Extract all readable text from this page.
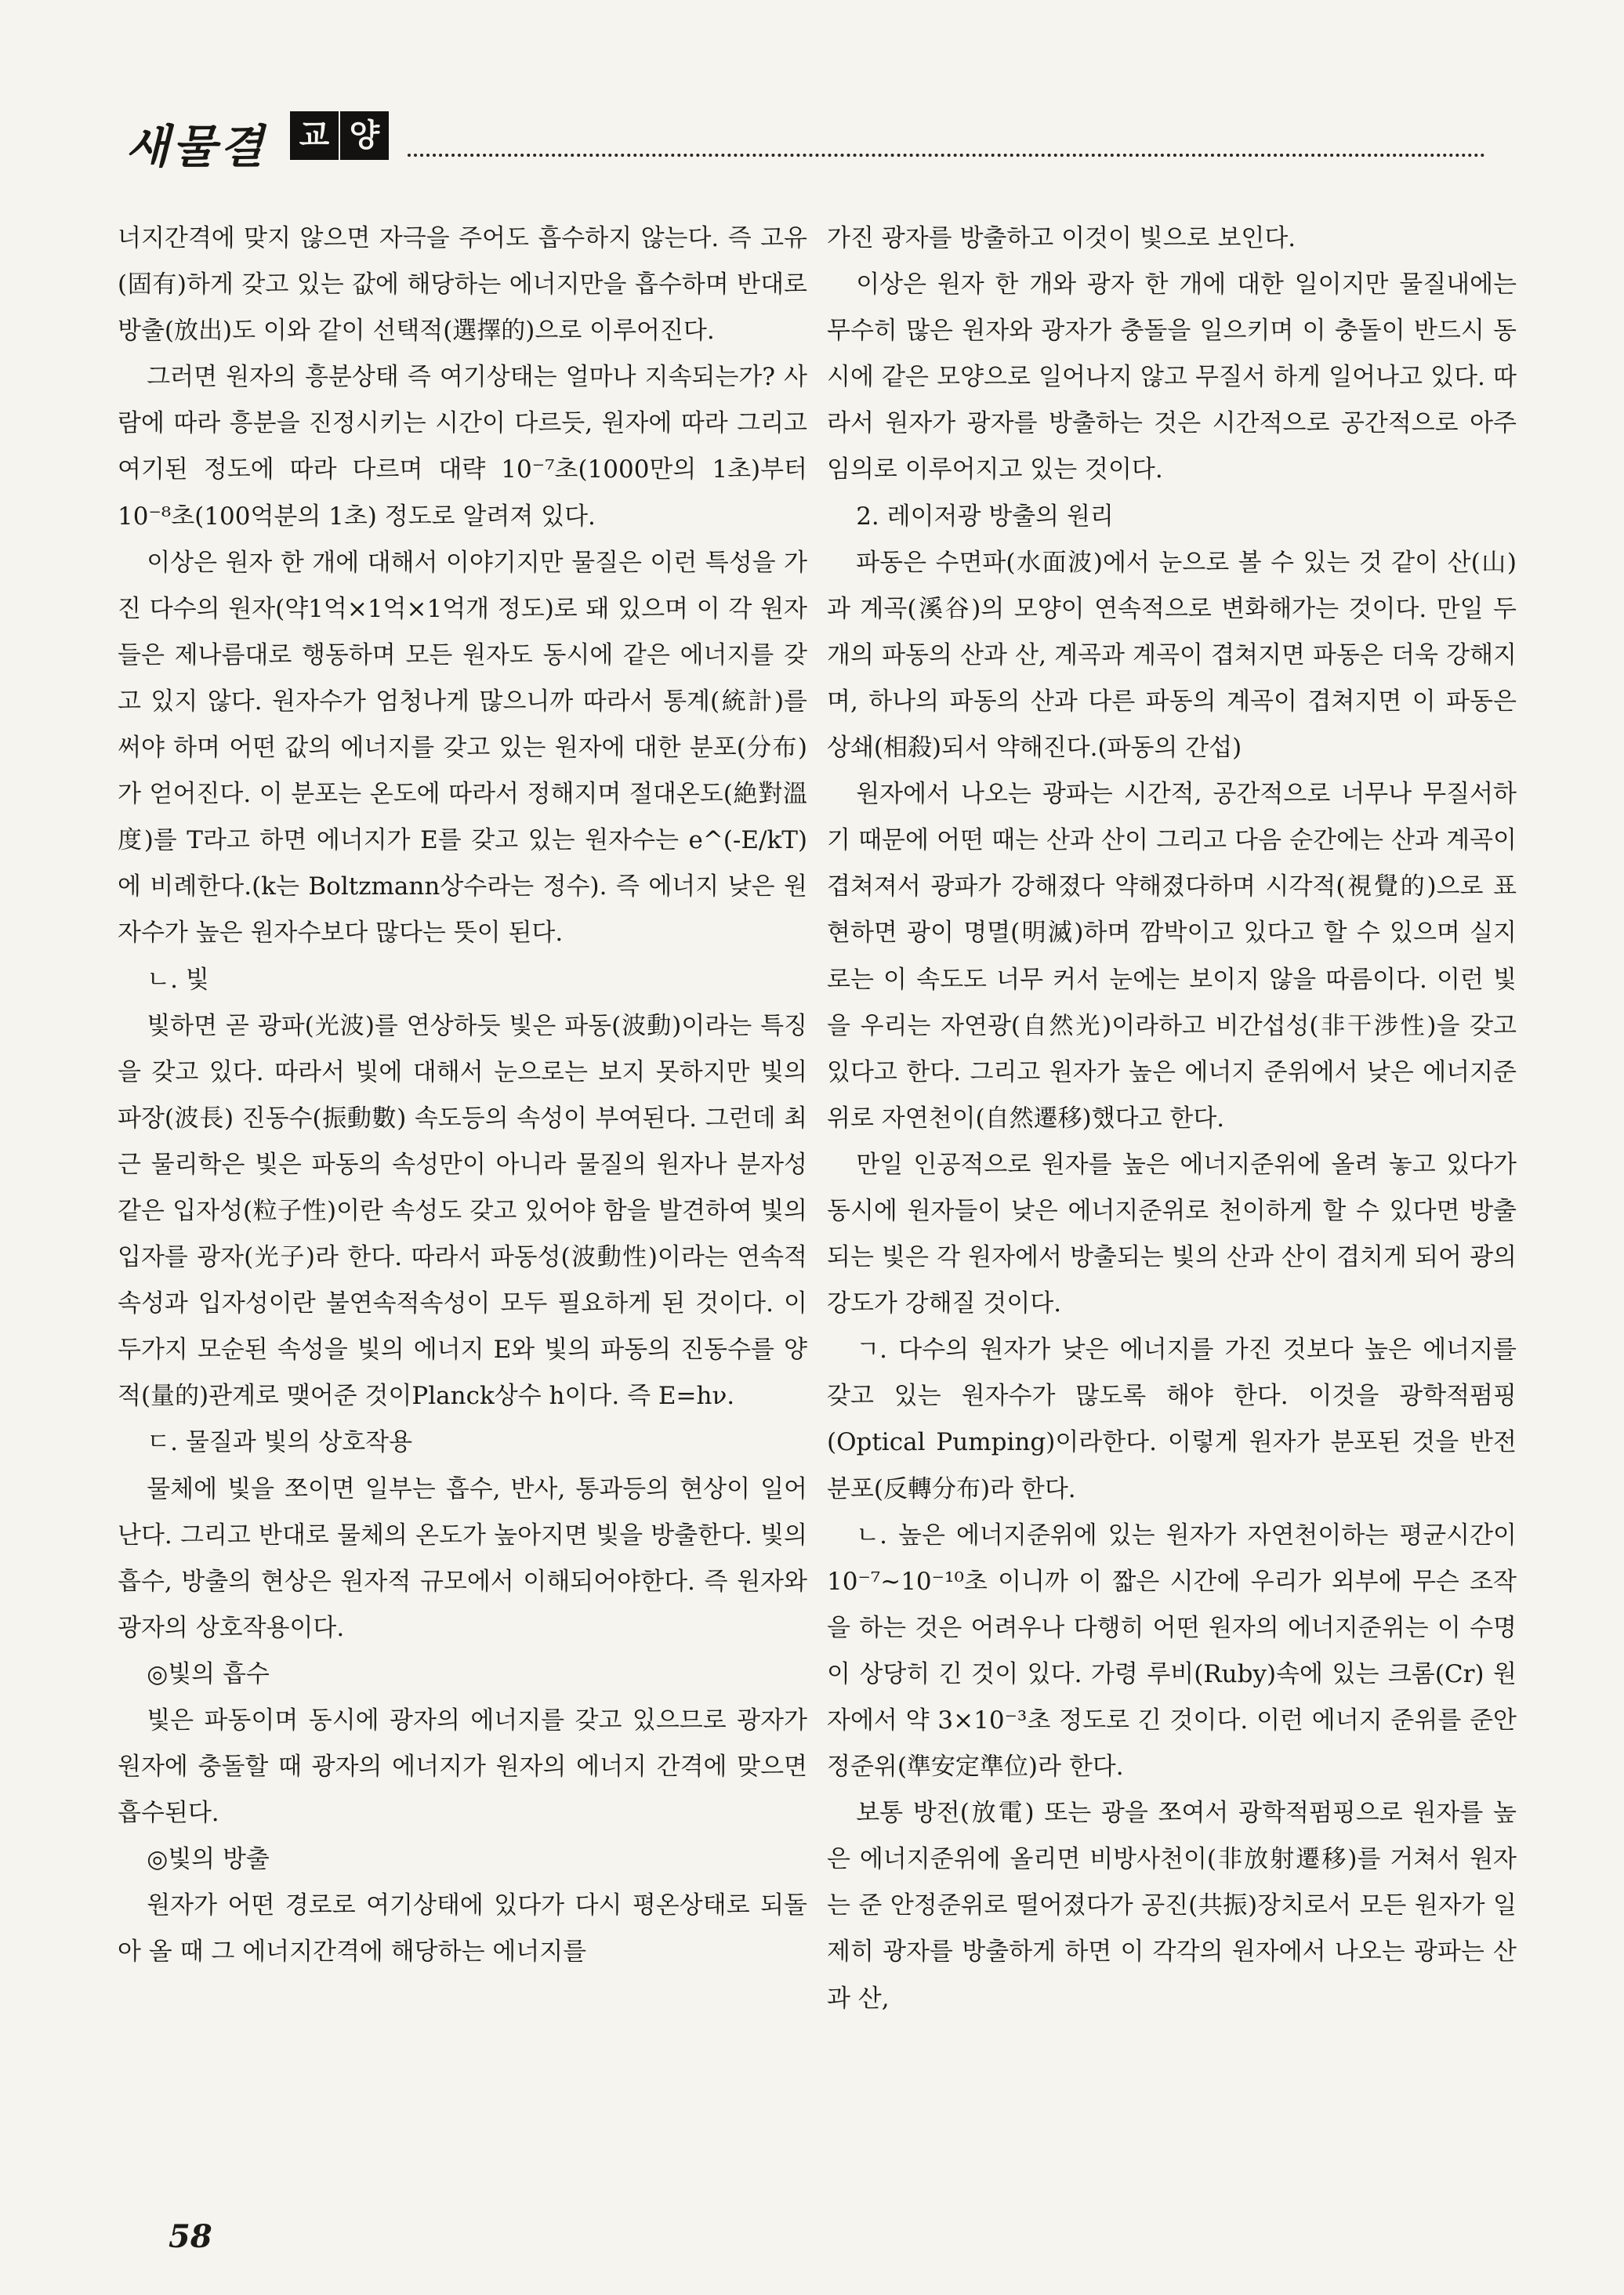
새물결 교 양

너지간격에 맞지 않으면 자극을 주어도 흡수하지 않는다. 즉 고유(固有)하게 갖고 있는 값에 해당하는 에너지만을 흡수하며 반대로 방출(放出)도 이와 같이 선택적(選擇的)으로 이루어진다.

그러면 원자의 흥분상태 즉 여기상태는 얼마나 지속되는가? 사람에 따라 흥분을 진정시키는 시간이 다르듯, 원자에 따라 그리고 여기된 정도에 따라 다르며 대략 10⁻⁷초(1000만의 1초)부터 10⁻⁸초(100억분의 1초) 정도로 알려져 있다.

이상은 원자 한 개에 대해서 이야기지만 물질은 이런 특성을 가진 다수의 원자(약1억×1억×1억개 정도)로 돼 있으며 이 각 원자들은 제나름대로 행동하며 모든 원자도 동시에 같은 에너지를 갖고 있지 않다. 원자수가 엄청나게 많으니까 따라서 통계(統計)를 써야 하며 어떤 값의 에너지를 갖고 있는 원자에 대한 분포(分布)가 얻어진다. 이 분포는 온도에 따라서 정해지며 절대온도(絶對溫度)를 T라고 하면 에너지가 E를 갖고 있는 원자수는 e^(-E/kT)에 비례한다.(k는 Boltzmann상수라는 정수). 즉 에너지 낮은 원자수가 높은 원자수보다 많다는 뜻이 된다.

ㄴ. 빛

빛하면 곧 광파(光波)를 연상하듯 빛은 파동(波動)이라는 특징을 갖고 있다. 따라서 빛에 대해서 눈으로는 보지 못하지만 빛의 파장(波長) 진동수(振動數) 속도등의 속성이 부여된다. 그런데 최근 물리학은 빛은 파동의 속성만이 아니라 물질의 원자나 분자성같은 입자성(粒子性)이란 속성도 갖고 있어야 함을 발견하여 빛의 입자를 광자(光子)라 한다. 따라서 파동성(波動性)이라는 연속적속성과 입자성이란 불연속적속성이 모두 필요하게 된 것이다. 이 두가지 모순된 속성을 빛의 에너지 E와 빛의 파동의 진동수를 양적(量的)관계로 맺어준 것이Planck상수 h이다. 즉 E=hν.

ㄷ. 물질과 빛의 상호작용

물체에 빛을 쪼이면 일부는 흡수, 반사, 통과등의 현상이 일어난다. 그리고 반대로 물체의 온도가 높아지면 빛을 방출한다. 빛의 흡수, 방출의 현상은 원자적 규모에서 이해되어야한다. 즉 원자와 광자의 상호작용이다.

◎빛의 흡수

빛은 파동이며 동시에 광자의 에너지를 갖고 있으므로 광자가 원자에 충돌할 때 광자의 에너지가 원자의 에너지 간격에 맞으면 흡수된다.

◎빛의 방출

원자가 어떤 경로로 여기상태에 있다가 다시 평온상태로 되돌아 올 때 그 에너지간격에 해당하는 에너지를

가진 광자를 방출하고 이것이 빛으로 보인다.

이상은 원자 한 개와 광자 한 개에 대한 일이지만 물질내에는 무수히 많은 원자와 광자가 충돌을 일으키며 이 충돌이 반드시 동시에 같은 모양으로 일어나지 않고 무질서 하게 일어나고 있다. 따라서 원자가 광자를 방출하는 것은 시간적으로 공간적으로 아주 임의로 이루어지고 있는 것이다.

2. 레이저광 방출의 원리

파동은 수면파(水面波)에서 눈으로 볼 수 있는 것 같이 산(山)과 계곡(溪谷)의 모양이 연속적으로 변화해가는 것이다. 만일 두 개의 파동의 산과 산, 계곡과 계곡이 겹쳐지면 파동은 더욱 강해지며, 하나의 파동의 산과 다른 파동의 계곡이 겹쳐지면 이 파동은 상쇄(相殺)되서 약해진다.(파동의 간섭)

원자에서 나오는 광파는 시간적, 공간적으로 너무나 무질서하기 때문에 어떤 때는 산과 산이 그리고 다음 순간에는 산과 계곡이 겹쳐져서 광파가 강해졌다 약해졌다하며 시각적(視覺的)으로 표현하면 광이 명멸(明滅)하며 깜박이고 있다고 할 수 있으며 실지로는 이 속도도 너무 커서 눈에는 보이지 않을 따름이다. 이런 빛을 우리는 자연광(自然光)이라하고 비간섭성(非干涉性)을 갖고 있다고 한다. 그리고 원자가 높은 에너지 준위에서 낮은 에너지준위로 자연천이(自然遷移)했다고 한다.

만일 인공적으로 원자를 높은 에너지준위에 올려 놓고 있다가 동시에 원자들이 낮은 에너지준위로 천이하게 할 수 있다면 방출되는 빛은 각 원자에서 방출되는 빛의 산과 산이 겹치게 되어 광의 강도가 강해질 것이다.

ㄱ. 다수의 원자가 낮은 에너지를 가진 것보다 높은 에너지를 갖고 있는 원자수가 많도록 해야 한다. 이것을 광학적펌핑(Optical Pumping)이라한다. 이렇게 원자가 분포된 것을 반전분포(反轉分布)라 한다.

ㄴ. 높은 에너지준위에 있는 원자가 자연천이하는 평균시간이 10⁻⁷~10⁻¹⁰초 이니까 이 짧은 시간에 우리가 외부에 무슨 조작을 하는 것은 어려우나 다행히 어떤 원자의 에너지준위는 이 수명이 상당히 긴 것이 있다. 가령 루비(Ruby)속에 있는 크롬(Cr) 원자에서 약 3×10⁻³초 정도로 긴 것이다. 이런 에너지 준위를 준안정준위(準安定準位)라 한다.

보통 방전(放電) 또는 광을 쪼여서 광학적펌핑으로 원자를 높은 에너지준위에 올리면 비방사천이(非放射遷移)를 거쳐서 원자는 준 안정준위로 떨어졌다가 공진(共振)장치로서 모든 원자가 일제히 광자를 방출하게 하면 이 각각의 원자에서 나오는 광파는 산과 산,

58
